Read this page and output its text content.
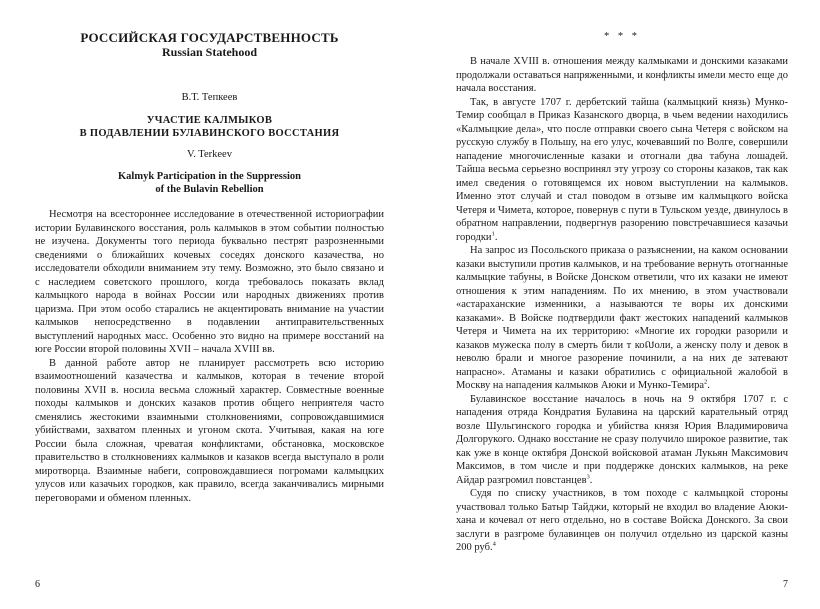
РОССИЙСКАЯ ГОСУДАРСТВЕННОСТЬ

Russian Statehood

В.Т. Тепкеев

УЧАСТИЕ КАЛМЫКОВ
В ПОДАВЛЕНИИ БУЛАВИНСКОГО ВОССТАНИЯ

V. Terkeev

Kalmyk Participation in the Suppression
of the Bulavin Rebellion

Несмотря на всестороннее исследование в отечественной историографии истории Булавинского восстания, роль калмыков в этом событии полностью не изучена. Документы того периода буквально пестрят разрозненными сведениями о ближайших кочевых соседях донского казачества, но исследователи обходили вниманием эту тему. Возможно, это было связано и с наследием советского прошлого, когда требовалось показать вклад калмыцкого народа в войнах России или народных движениях против царизма. При этом особо старались не акцентировать внимание на участии калмыков непосредственно в подавлении антиправительственных выступлений народных масс. Особенно это видно на примере восстаний на юге России второй половины XVII – начала XVIII вв.

В данной работе автор не планирует рассмотреть всю историю взаимоотношений казачества и калмыков, которая в течение второй половины XVII в. носила весьма сложный характер. Совместные военные походы калмыков и донских казаков против общего неприятеля часто сменялись жестокими взаимными столкновениями, сопровождавшимися убийствами, захватом пленных и угоном скота. Учитывая, какая на юге России была сложная, чреватая конфликтами, обстановка, московское правительство в столкновениях калмыков и казаков всегда выступало в роли миротворца. Взаимные набеги, сопровождавшиеся погромами калмыцких улусов или казачьих городков, как правило, всегда заканчивались мирными переговорами и обменом пленных.

6

* * *

В начале XVIII в. отношения между калмыками и донскими казаками продолжали оставаться напряженными, и конфликты имели место еще до начала восстания.

Так, в августе 1707 г. дербетский тайша (калмыцкий князь) Мунко-Темир сообщал в Приказ Казанского дворца, в чьем ведении находились «Калмыцкие дела», что после отправки своего сына Четеря с войском на русскую службу в Польшу, на его улус, кочевавший по Волге, совершили нападение многочисленные казаки и отогнали два табуна лошадей. Тайша весьма серьезно воспринял эту угрозу со стороны казаков, так как имел сведения о готовящемся их новом выступлении на калмыков. Именно этот случай и стал поводом в отзыве им калмыцкого войска Четеря и Чимета, которое, повернув с пути в Тульском уезде, двинулось в обратном направлении, подвергнув разорению повстречавшиеся казачьи городки$^1$.

На запрос из Посольского приказа о разъяснении, на каком основании казаки выступили против калмыков, и на требование вернуть отогнанные калмыцкие табуны, в Войске Донском ответили, что их казаки не имеют отношения к этим нападениям. По их мнению, в этом участвовали «астараханские изменники, а называются те воры их донскими казаками». В Войске подтвердили факт жестоких нападений калмыков Четеря и Чимета на их территорию: «Многие их городки разорили и казаков мужеска полу в смерть били т коលоли, а женску полу и девок в неволю брали и многое разорение починили, а на них де затевают напрасно». Атаманы и казаки обратились с официальной жалобой в Москву на нападения калмыков Аюки и Мунко-Темира$^2$.

Булавинское восстание началось в ночь на 9 октября 1707 г. с нападения отряда Кондратия Булавина на царский карательный отряд возле Шульгинского городка и убийства князя Юрия Владимировича Долгорукого. Однако восстание не сразу получило широкое развитие, так как уже в конце октября Донской войсковой атаман Лукьян Максимович Максимов, в том числе и при поддержке донских калмыков, на реке Айдар разгромил повстанцев$^3$.

Судя по списку участников, в том походе с калмыцкой стороны участвовал только Батыр Тайджи, который не входил во владение Аюки-хана и кочевал от него отдельно, но в составе Войска Донского. За свои заслуги в разгроме булавинцев он получил отдельно из царской казны 200 руб.$^4$

7
